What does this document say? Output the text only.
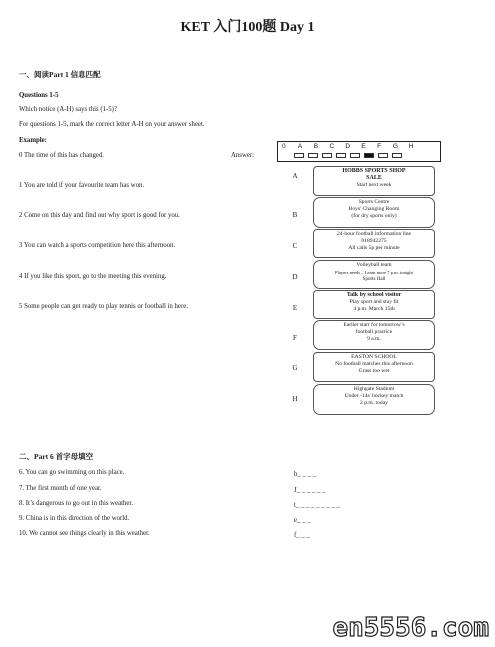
KET 入门100题 Day 1
一、阅读Part 1 信息匹配
Questions 1-5
Which notice (A-H) says this (1-5)?
For questions 1-5, mark the correct letter A-H on your answer sheet.
Example:
0 The time of this has changed.	Answer:
0 A B C D E F G H
1 You are told if your favourite team has won.
2 Come on this day and find out why sport is good for you.
3 You can watch a sports competition here this afternoon.
4 If you like this sport, go to the meeting this evening.
5 Some people can get ready to play tennis or football in here.
A
B
C
D
E
F
G
H
HOBBS SPORTS SHOP
SALE
Start next week
Sports Centre
Boys' Changing Room
(for dry sports only)
24-hour football information line
018942275
All calls 5p per minute
Volleyball team
Players needs – Learn more 7 p.m. tonight
Sports Hall
Talk by school visitor
Play sport and stay fit
4 p.m. March 15th
Earlier start for tomorrow’s
football practice
9 a.m.
EASTON SCHOOL
No football matches this afternoon
Grass too wet
Highgate Stadium
Under -14s' hockey match
2 p.m. today
二、Part 6 首字母填空
6. You can go swimming on this place.
7. The first month of one year.
8. It’s dangerous to go out in this weather.
9. China is in this direction of the world.
10. We cannot see things clearly in this weather.
b_ _ _ _
J_ _ _ _ _ _
t_ _ _ _ _ _ _ _ _
e_ _ _
f_ _ _
en5556.com
